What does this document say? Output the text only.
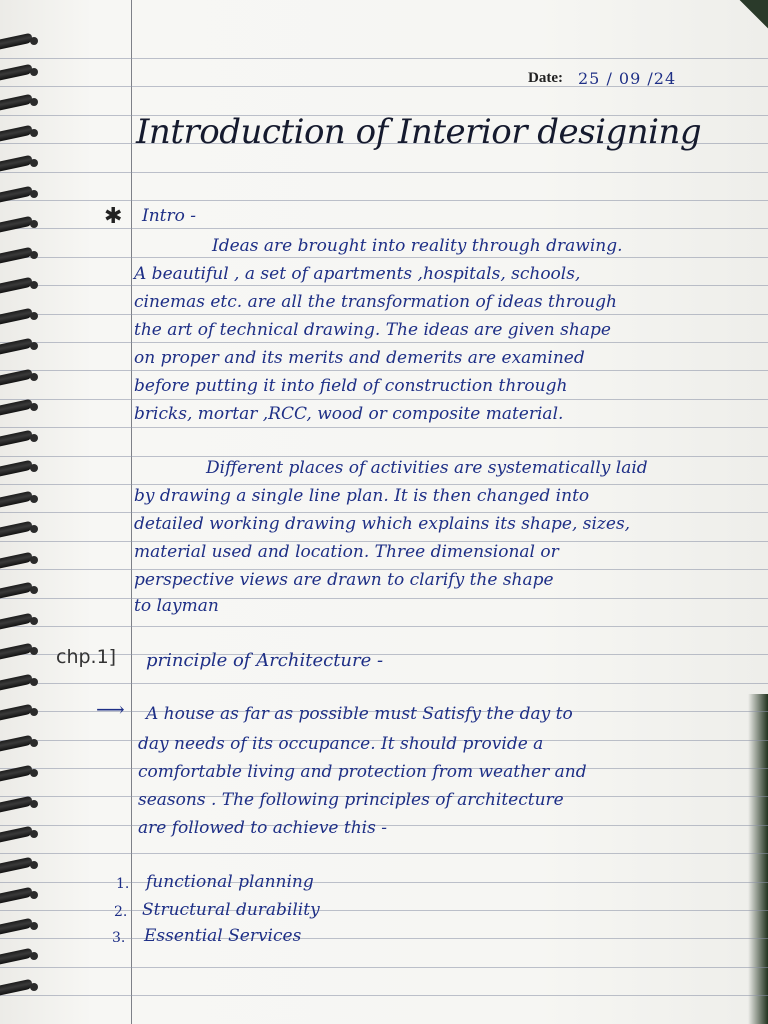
Date: 25 / 09 /24
Introduction of Interior designing
✱ Intro -
Ideas are brought into reality through drawing.
A beautiful , a set of apartments ,hospitals, schools,
cinemas etc. are all the transformation of ideas through
the art of technical drawing. The ideas are given shape
on proper and its merits and demerits are examined
before putting it into field of construction through
bricks, mortar ,RCC, wood or composite material.
Different places of activities are systematically laid
by drawing a single line plan. It is then changed into
detailed working drawing which explains its shape, sizes,
material used and location. Three dimensional or
perspective views are drawn to clarify the shape
to layman
chp.1] principle of Architecture -
⟶ A house as far as possible must Satisfy the day to
day needs of its occupance. It should provide a
comfortable living and protection from weather and
seasons . The following principles of architecture
are followed to achieve this -
1. functional planning
2. Structural durability
3. Essential Services
